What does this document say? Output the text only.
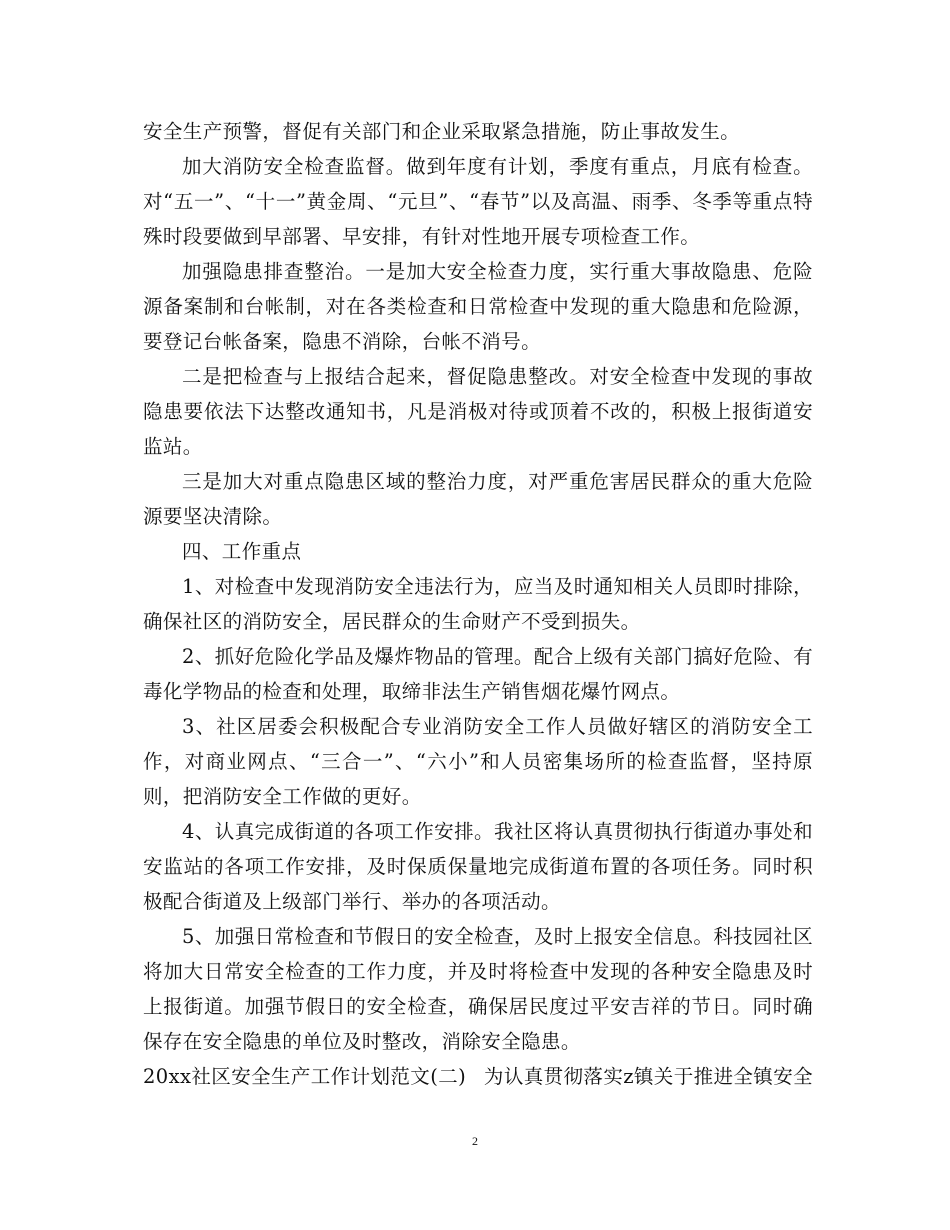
安全生产预警，督促有关部门和企业采取紧急措施，防止事故发生。

加大消防安全检查监督。做到年度有计划，季度有重点，月底有检查。对“五一”、“十一”黄金周、“元旦”、“春节”以及高温、雨季、冬季等重点特殊时段要做到早部署、早安排，有针对性地开展专项检查工作。

加强隐患排查整治。一是加大安全检查力度，实行重大事故隐患、危险源备案制和台帐制，对在各类检查和日常检查中发现的重大隐患和危险源，要登记台帐备案，隐患不消除，台帐不消号。

二是把检查与上报结合起来，督促隐患整改。对安全检查中发现的事故隐患要依法下达整改通知书，凡是消极对待或顶着不改的，积极上报街道安监站。

三是加大对重点隐患区域的整治力度，对严重危害居民群众的重大危险源要坚决清除。

四、工作重点

1、对检查中发现消防安全违法行为，应当及时通知相关人员即时排除，确保社区的消防安全，居民群众的生命财产不受到损失。

2、抓好危险化学品及爆炸物品的管理。配合上级有关部门搞好危险、有毒化学物品的检查和处理，取缔非法生产销售烟花爆竹网点。

3、社区居委会积极配合专业消防安全工作人员做好辖区的消防安全工作，对商业网点、“三合一”、“六小”和人员密集场所的检查监督，坚持原则，把消防安全工作做的更好。

4、认真完成街道的各项工作安排。我社区将认真贯彻执行街道办事处和安监站的各项工作安排，及时保质保量地完成街道布置的各项任务。同时积极配合街道及上级部门举行、举办的各项活动。

5、加强日常检查和节假日的安全检查，及时上报安全信息。科技园社区将加大日常安全检查的工作力度，并及时将检查中发现的各种安全隐患及时上报街道。加强节假日的安全检查，确保居民度过平安吉祥的节日。同时确保存在安全隐患的单位及时整改，消除安全隐患。

20xx社区安全生产工作计划范文(二) 为认真贯彻落实z镇关于推进全镇安全

2
